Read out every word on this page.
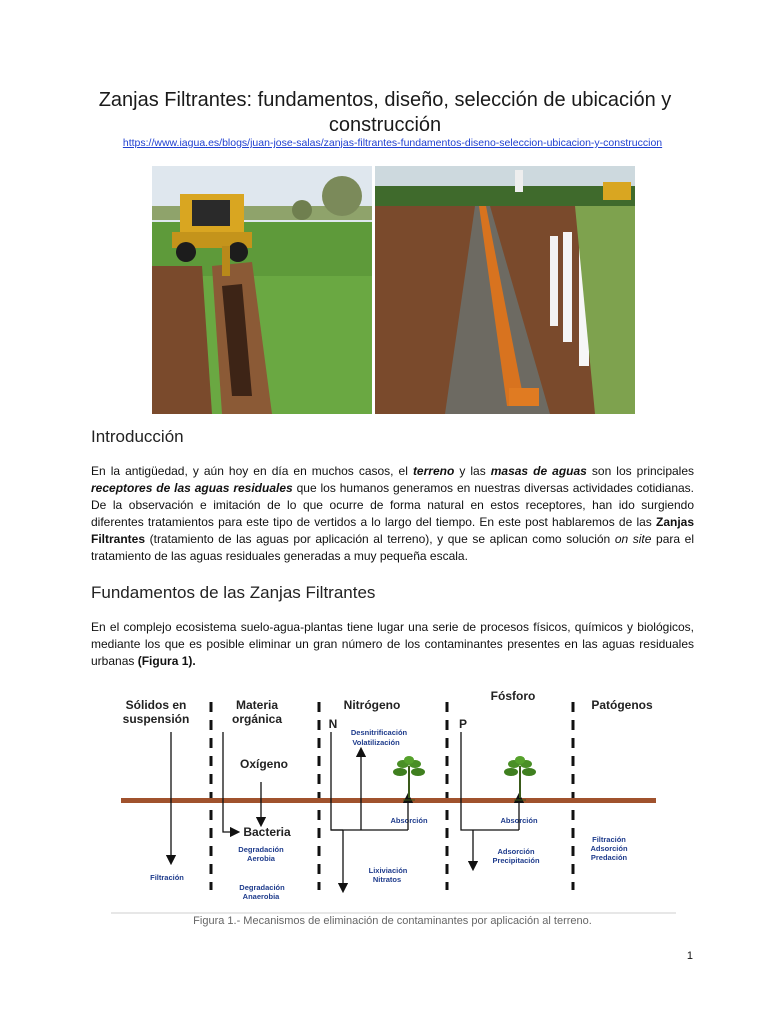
Zanjas Filtrantes: fundamentos, diseño, selección de ubicación y construcción
https://www.iagua.es/blogs/juan-jose-salas/zanjas-filtrantes-fundamentos-diseno-seleccion-ubicacion-y-construccion
Introducción
En la antigüedad, y aún hoy en día en muchos casos, el terreno y las masas de aguas son los principales receptores de las aguas residuales que los humanos generamos en nuestras diversas actividades cotidianas. De la observación e imitación de lo que ocurre de forma natural en estos receptores, han ido surgiendo diferentes tratamientos para este tipo de vertidos a lo largo del tiempo. En este post hablaremos de las Zanjas Filtrantes (tratamiento de las aguas por aplicación al terreno), y que se aplican como solución on site para el tratamiento de las aguas residuales generadas a muy pequeña escala.
Fundamentos de las Zanjas Filtrantes
En el complejo ecosistema suelo-agua-plantas tiene lugar una serie de procesos físicos, químicos y biológicos, mediante los que es posible eliminar un gran número de los contaminantes presentes en las aguas residuales urbanas (Figura 1).
Sólidos en
suspensión
Materia
orgánica
Nitrógeno
Fósforo
Patógenos
Oxígeno
Bacteria
N	P
Desnitrificación
Volatilización
Absorción	Absorción
Lixiviación
Nitratos
Adsorción
Precipitación
Filtración
Adsorción
Predación
Degradación
Aerobia
Degradación
Anaerobia
Filtración
Figura 1.- Mecanismos de eliminación de contaminantes por aplicación al terreno.
1
